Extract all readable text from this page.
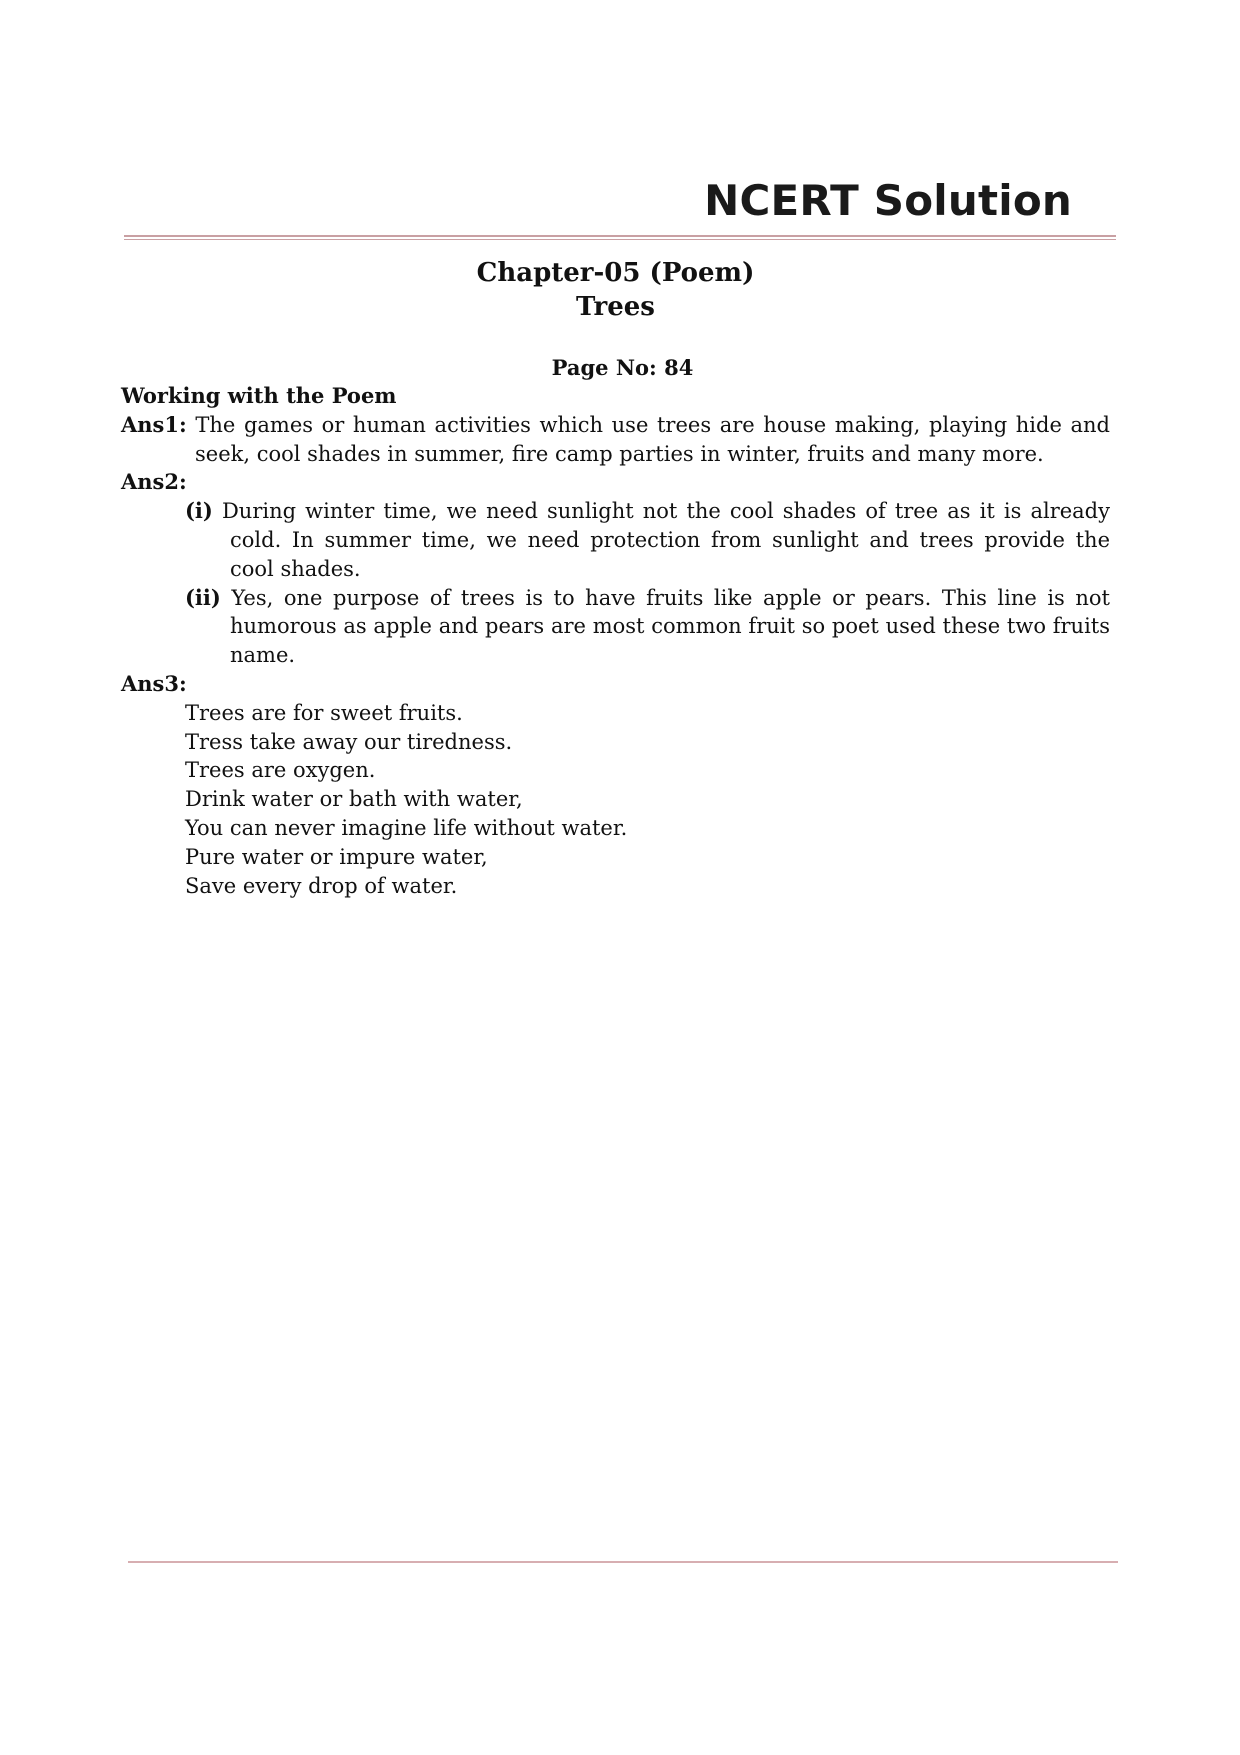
NCERT Solution

Chapter-05 (Poem)

Trees

Page No: 84

Working with the Poem

Ans1: The games or human activities which use trees are house making, playing hide and seek, cool shades in summer, fire camp parties in winter, fruits and many more.

Ans2:

(i) During winter time, we need sunlight not the cool shades of tree as it is already cold. In summer time, we need protection from sunlight and trees provide the cool shades.

(ii) Yes, one purpose of trees is to have fruits like apple or pears. This line is not humorous as apple and pears are most common fruit so poet used these two fruits name.

Ans3:

Trees are for sweet fruits.
Tress take away our tiredness.
Trees are oxygen.
Drink water or bath with water,
You can never imagine life without water.
Pure water or impure water,
Save every drop of water.
